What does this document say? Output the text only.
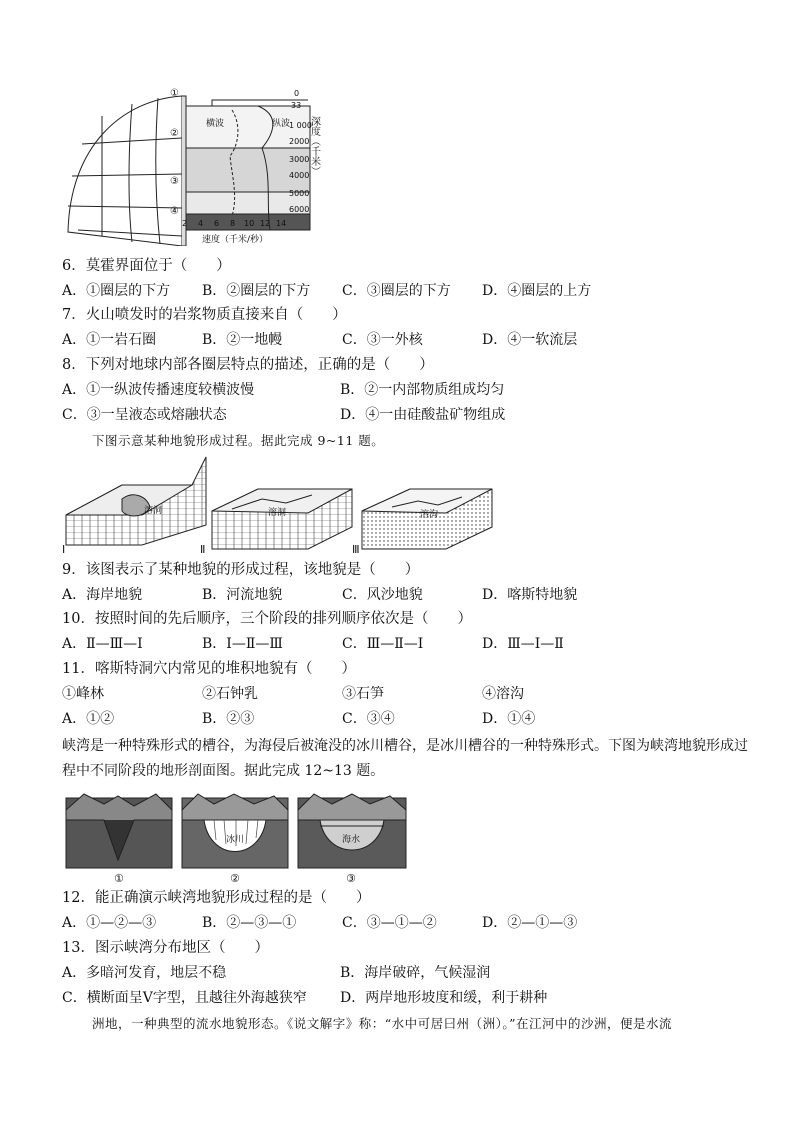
①
②
③
④
横波	纵波
0
33
1 000
2000
3000
4000
5000
6000
2 4 6 8 10 12 14
速度（千米/秒）
深度（千米）
6．莫霍界面位于（　　）
A．①圈层的下方	B．②圈层的下方	C．③圈层的下方	D．④圈层的上方
7．火山喷发时的岩浆物质直接来自（　　）
A．①一岩石圈	B．②一地幔	C．③一外核	D．④一软流层
8．下列对地球内部各圈层特点的描述，正确的是（　　）
A．①一纵波传播速度较横波慢	B．②一内部物质组成均匀
C．③一呈液态或熔融状态	D．④一由硅酸盐矿物组成
下图示意某种地貌形成过程。据此完成 9~11 题。
溶洞	溶洞	溶沟
Ⅰ	Ⅱ	Ⅲ
9．该图表示了某种地貌的形成过程，该地貌是（　　）
A．海岸地貌	B．河流地貌	C．风沙地貌	D．喀斯特地貌
10．按照时间的先后顺序，三个阶段的排列顺序依次是（　　）
A．Ⅱ—Ⅲ—Ⅰ	B．Ⅰ—Ⅱ—Ⅲ	C．Ⅲ—Ⅱ—Ⅰ	D．Ⅲ—Ⅰ—Ⅱ
11．喀斯特洞穴内常见的堆积地貌有（　　）
①峰林	②石钟乳	③石笋	④溶沟
A．①②	B．②③	C．③④	D．①④
峡湾是一种特殊形式的槽谷，为海侵后被淹没的冰川槽谷，是冰川槽谷的一种特殊形式。下图为峡湾地貌形成过程中不同阶段的地形剖面图。据此完成 12~13 题。
冰川	海水
①	②	③
12．能正确演示峡湾地貌形成过程的是（　　）
A．①—②—③	B．②—③—①	C．③—①—②	D．②—①—③
13．图示峡湾分布地区（　　）
A．多暗河发育，地层不稳	B．海岸破碎，气候湿润
C．横断面呈V字型，且越往外海越狭窄	D．两岸地形坡度和缓，利于耕种
洲地，一种典型的流水地貌形态。《说文解字》称：“水中可居曰州（洲）。”在江河中的沙洲，便是水流
